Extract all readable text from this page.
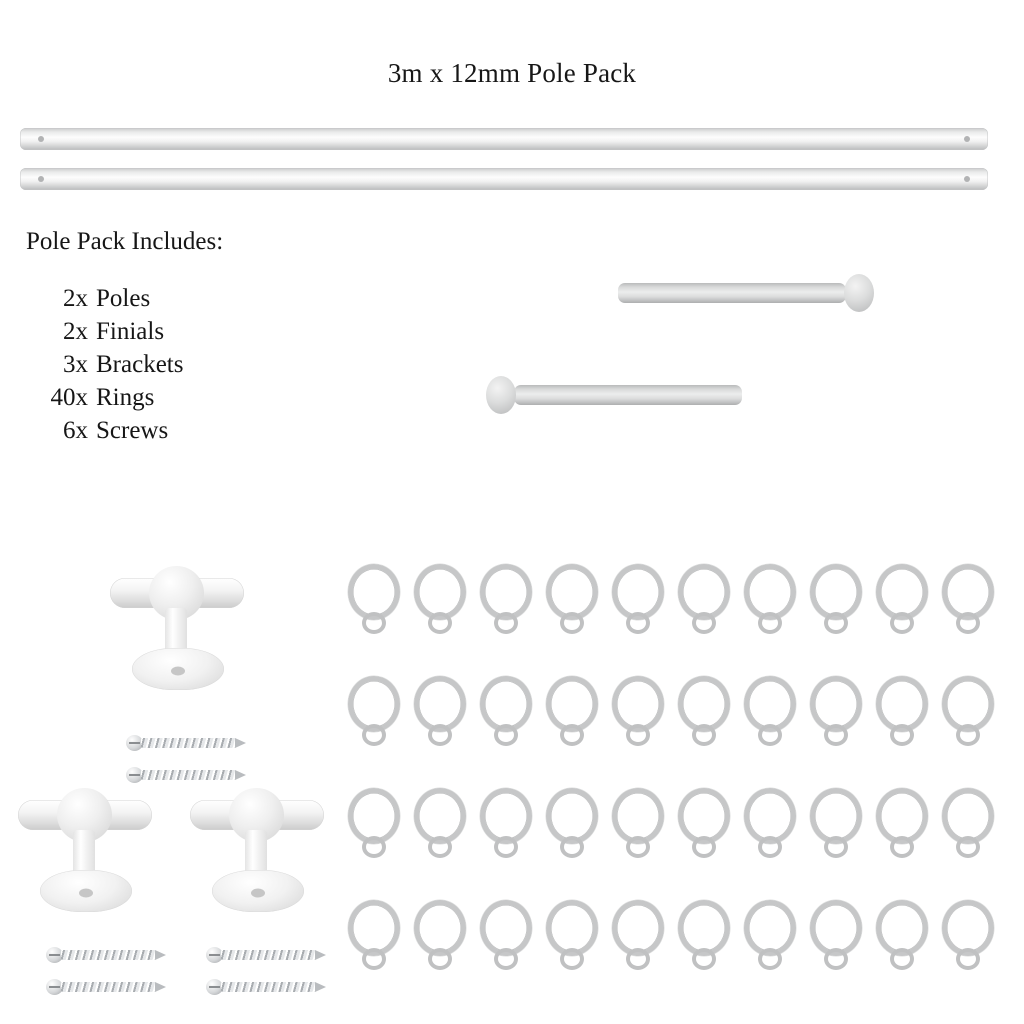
3m x 12mm Pole Pack
Pole Pack Includes:
2x Poles
2x Finials
3x Brackets
40x Rings
6x Screws
